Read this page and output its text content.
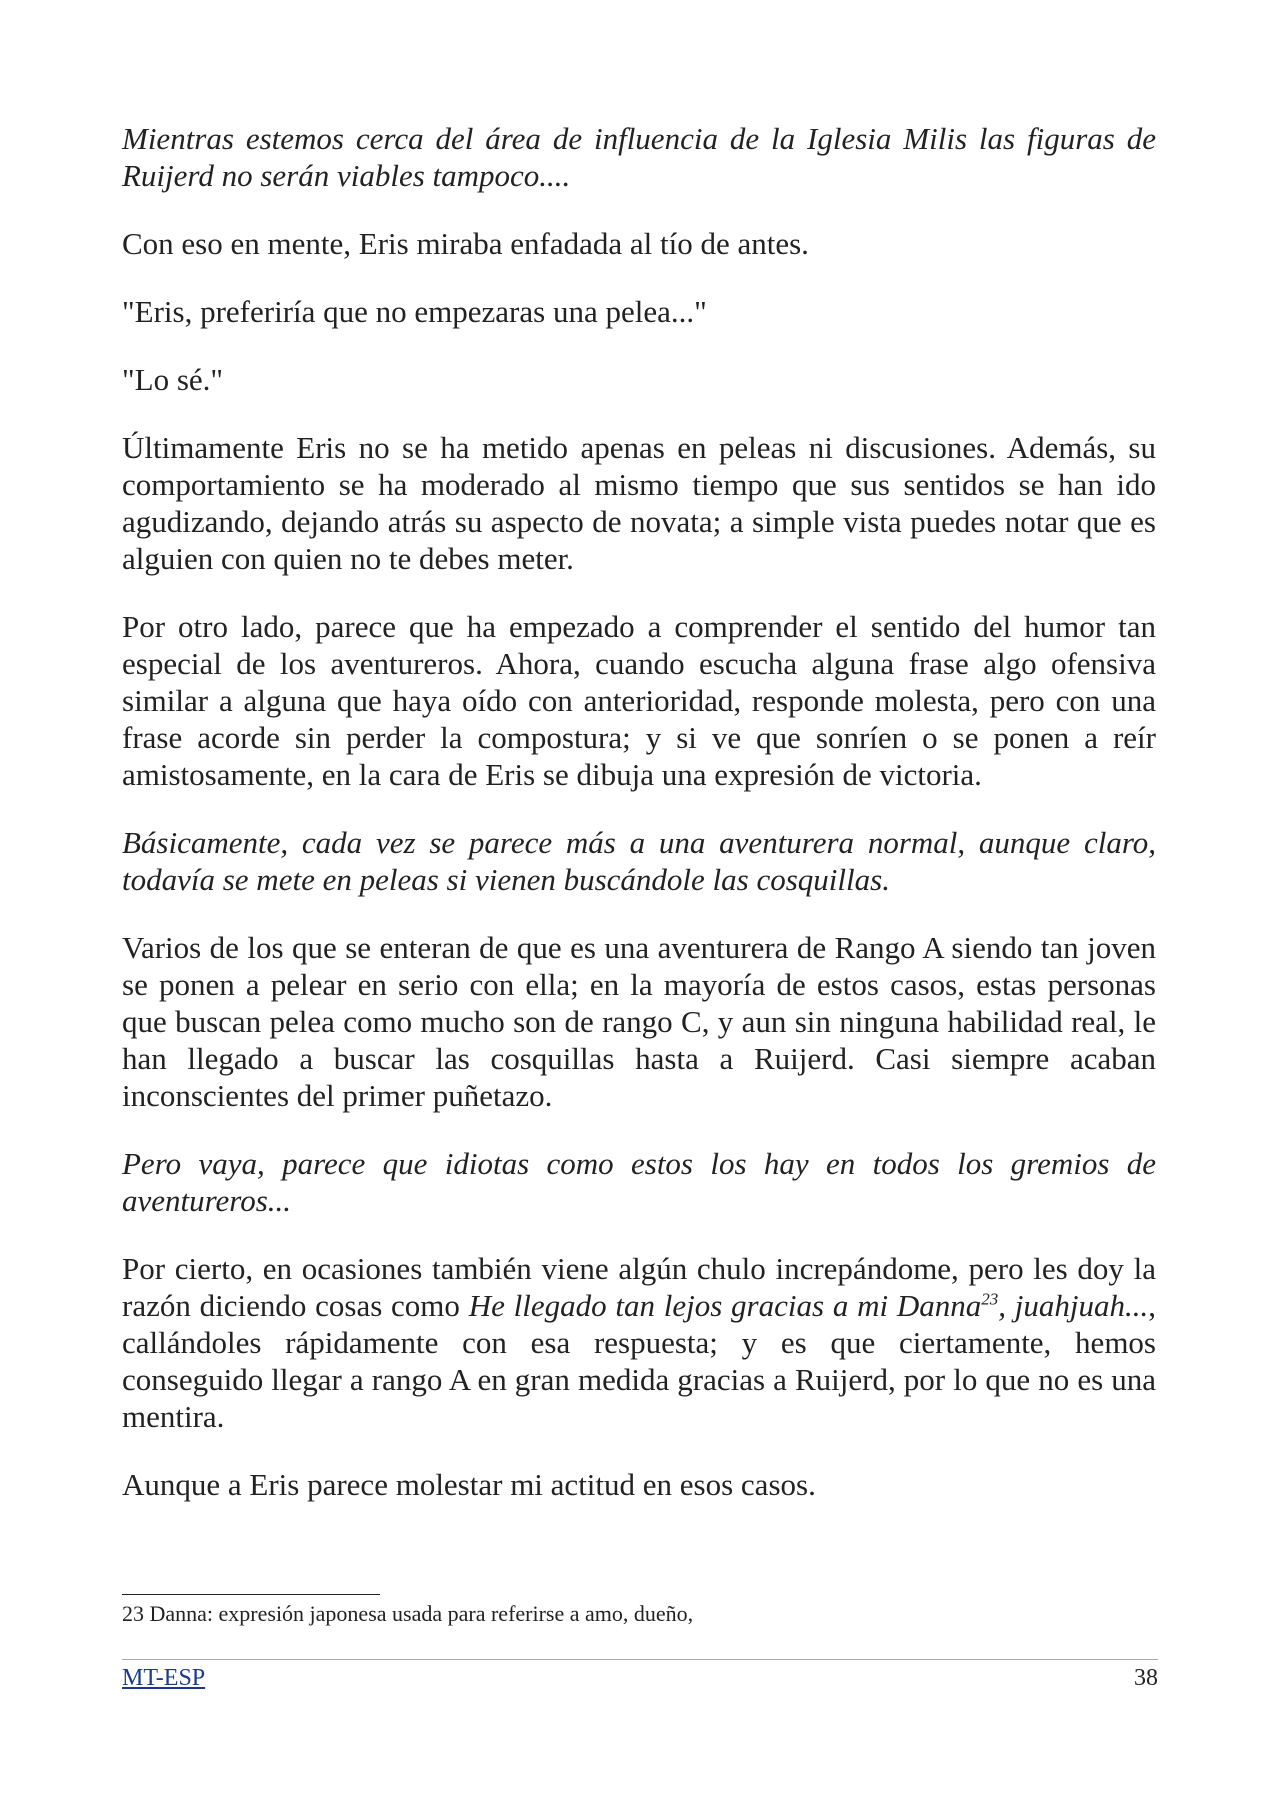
Mientras estemos cerca del área de influencia de la Iglesia Milis las figuras de Ruijerd no serán viables tampoco....

Con eso en mente, Eris miraba enfadada al tío de antes.

"Eris, preferiría que no empezaras una pelea..."

"Lo sé."

Últimamente Eris no se ha metido apenas en peleas ni discusiones. Además, su comportamiento se ha moderado al mismo tiempo que sus sentidos se han ido agudizando, dejando atrás su aspecto de novata; a simple vista puedes notar que es alguien con quien no te debes meter.

Por otro lado, parece que ha empezado a comprender el sentido del humor tan especial de los aventureros. Ahora, cuando escucha alguna frase algo ofensiva similar a alguna que haya oído con anterioridad, responde molesta, pero con una frase acorde sin perder la compostura; y si ve que sonríen o se ponen a reír amistosamente, en la cara de Eris se dibuja una expresión de victoria.

Básicamente, cada vez se parece más a una aventurera normal, aunque claro, todavía se mete en peleas si vienen buscándole las cosquillas.

Varios de los que se enteran de que es una aventurera de Rango A siendo tan joven se ponen a pelear en serio con ella; en la mayoría de estos casos, estas personas que buscan pelea como mucho son de rango C, y aun sin ninguna habilidad real, le han llegado a buscar las cosquillas hasta a Ruijerd. Casi siempre acaban inconscientes del primer puñetazo.

Pero vaya, parece que idiotas como estos los hay en todos los gremios de aventureros...

Por cierto, en ocasiones también viene algún chulo increpándome, pero les doy la razón diciendo cosas como He llegado tan lejos gracias a mi Danna$^{23}$, juahjuah..., callándoles rápidamente con esa respuesta; y es que ciertamente, hemos conseguido llegar a rango A en gran medida gracias a Ruijerd, por lo que no es una mentira.

Aunque a Eris parece molestar mi actitud en esos casos.

23 Danna: expresión japonesa usada para referirse a amo, dueño,
MT-ESP	38
